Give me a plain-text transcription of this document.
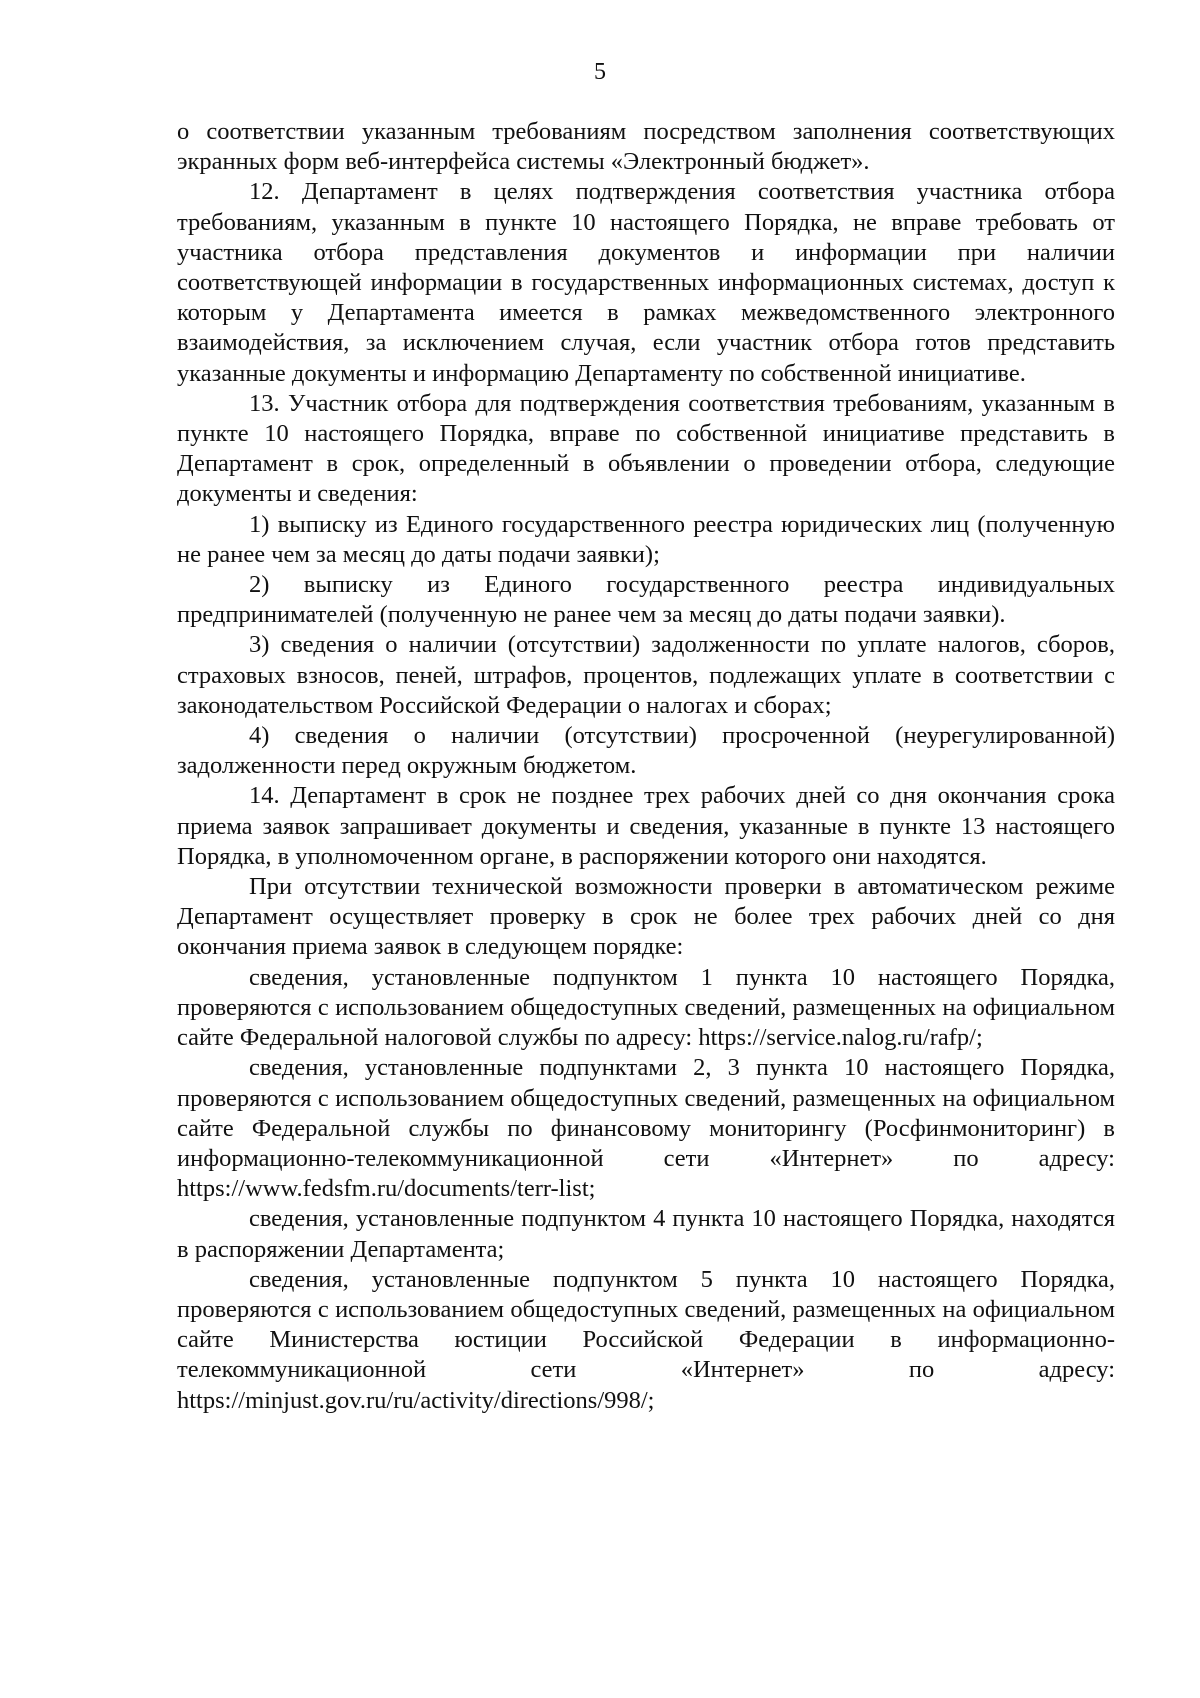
5

о соответствии указанным требованиям посредством заполнения соответствующих экранных форм веб-интерфейса системы «Электронный бюджет».

12. Департамент в целях подтверждения соответствия участника отбора требованиям, указанным в пункте 10 настоящего Порядка, не вправе требовать от участника отбора представления документов и информации при наличии соответствующей информации в государственных информационных системах, доступ к которым у Департамента имеется в рамках межведомственного электронного взаимодействия, за исключением случая, если участник отбора готов представить указанные документы и информацию Департаменту по собственной инициативе.

13. Участник отбора для подтверждения соответствия требованиям, указанным в пункте 10 настоящего Порядка, вправе по собственной инициативе представить в Департамент в срок, определенный в объявлении о проведении отбора, следующие документы и сведения:

1) выписку из Единого государственного реестра юридических лиц (полученную не ранее чем за месяц до даты подачи заявки);

2) выписку из Единого государственного реестра индивидуальных предпринимателей (полученную не ранее чем за месяц до даты подачи заявки).

3) сведения о наличии (отсутствии) задолженности по уплате налогов, сборов, страховых взносов, пеней, штрафов, процентов, подлежащих уплате в соответствии с законодательством Российской Федерации о налогах и сборах;

4) сведения о наличии (отсутствии) просроченной (неурегулированной) задолженности перед окружным бюджетом.

14. Департамент в срок не позднее трех рабочих дней со дня окончания срока приема заявок запрашивает документы и сведения, указанные в пункте 13 настоящего Порядка, в уполномоченном органе, в распоряжении которого они находятся.

При отсутствии технической возможности проверки в автоматическом режиме Департамент осуществляет проверку в срок не более трех рабочих дней со дня окончания приема заявок в следующем порядке:

сведения, установленные подпунктом 1 пункта 10 настоящего Порядка, проверяются с использованием общедоступных сведений, размещенных на официальном сайте Федеральной налоговой службы по адресу: https://service.nalog.ru/rafp/;

сведения, установленные подпунктами 2, 3 пункта 10 настоящего Порядка, проверяются с использованием общедоступных сведений, размещенных на официальном сайте Федеральной службы по финансовому мониторингу (Росфинмониторинг) в информационно-телекоммуникационной сети «Интернет» по адресу: https://www.fedsfm.ru/documents/terr-list;

сведения, установленные подпунктом 4 пункта 10 настоящего Порядка, находятся в распоряжении Департамента;

сведения, установленные подпунктом 5 пункта 10 настоящего Порядка, проверяются с использованием общедоступных сведений, размещенных на официальном сайте Министерства юстиции Российской Федерации в информационно-телекоммуникационной сети «Интернет» по адресу: https://minjust.gov.ru/ru/activity/directions/998/;
